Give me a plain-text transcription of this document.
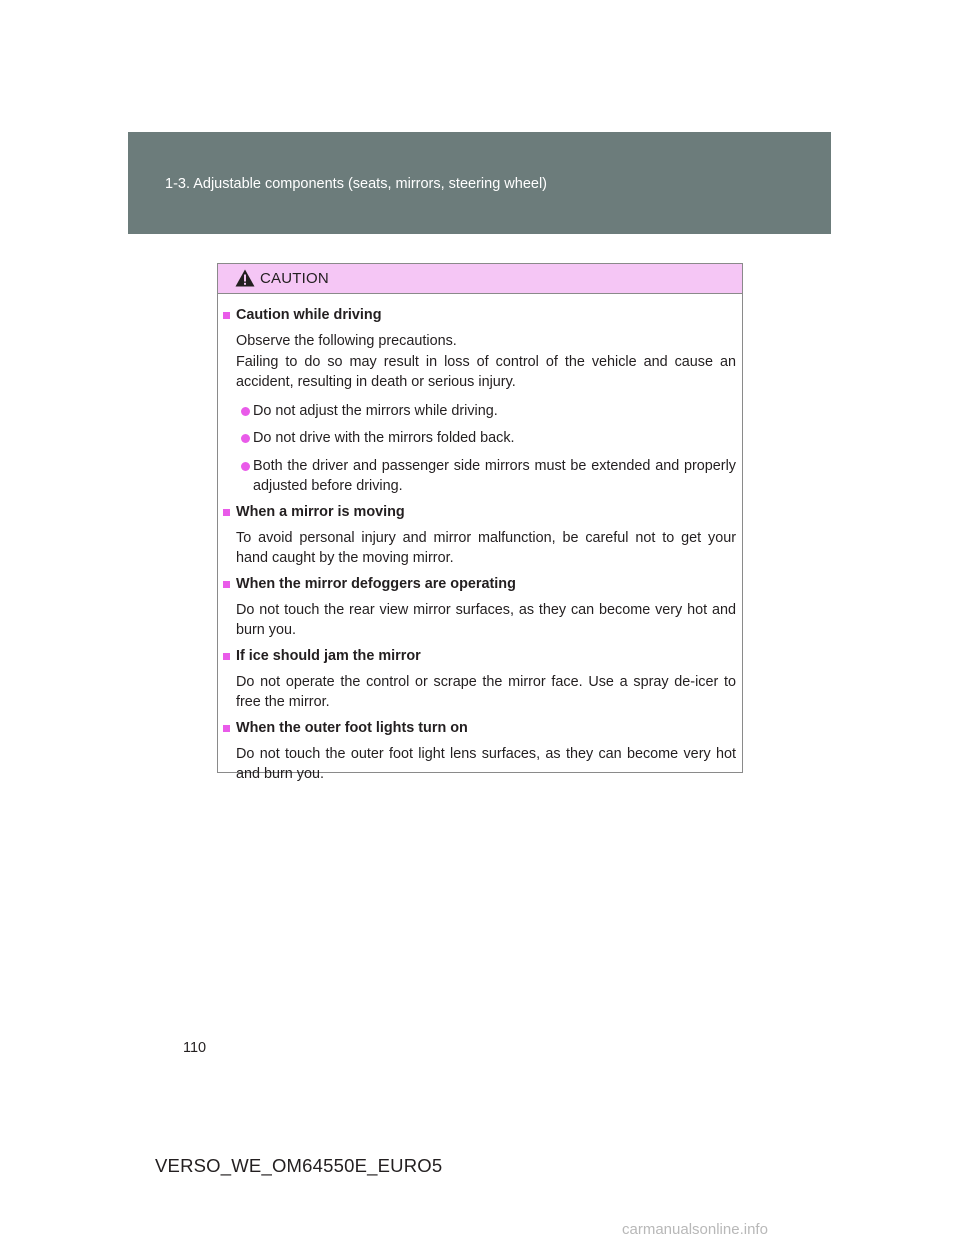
1-3. Adjustable components (seats, mirrors, steering wheel)
CAUTION
Caution while driving
Observe the following precautions.
Failing to do so may result in loss of control of the vehicle and cause an accident, resulting in death or serious injury.
Do not adjust the mirrors while driving.
Do not drive with the mirrors folded back.
Both the driver and passenger side mirrors must be extended and properly adjusted before driving.
When a mirror is moving
To avoid personal injury and mirror malfunction, be careful not to get your hand caught by the moving mirror.
When the mirror defoggers are operating
Do not touch the rear view mirror surfaces, as they can become very hot and burn you.
If ice should jam the mirror
Do not operate the control or scrape the mirror face. Use a spray de-icer to free the mirror.
When the outer foot lights turn on
Do not touch the outer foot light lens surfaces, as they can become very hot and burn you.
110
VERSO_WE_OM64550E_EURO5
carmanualsonline.info
